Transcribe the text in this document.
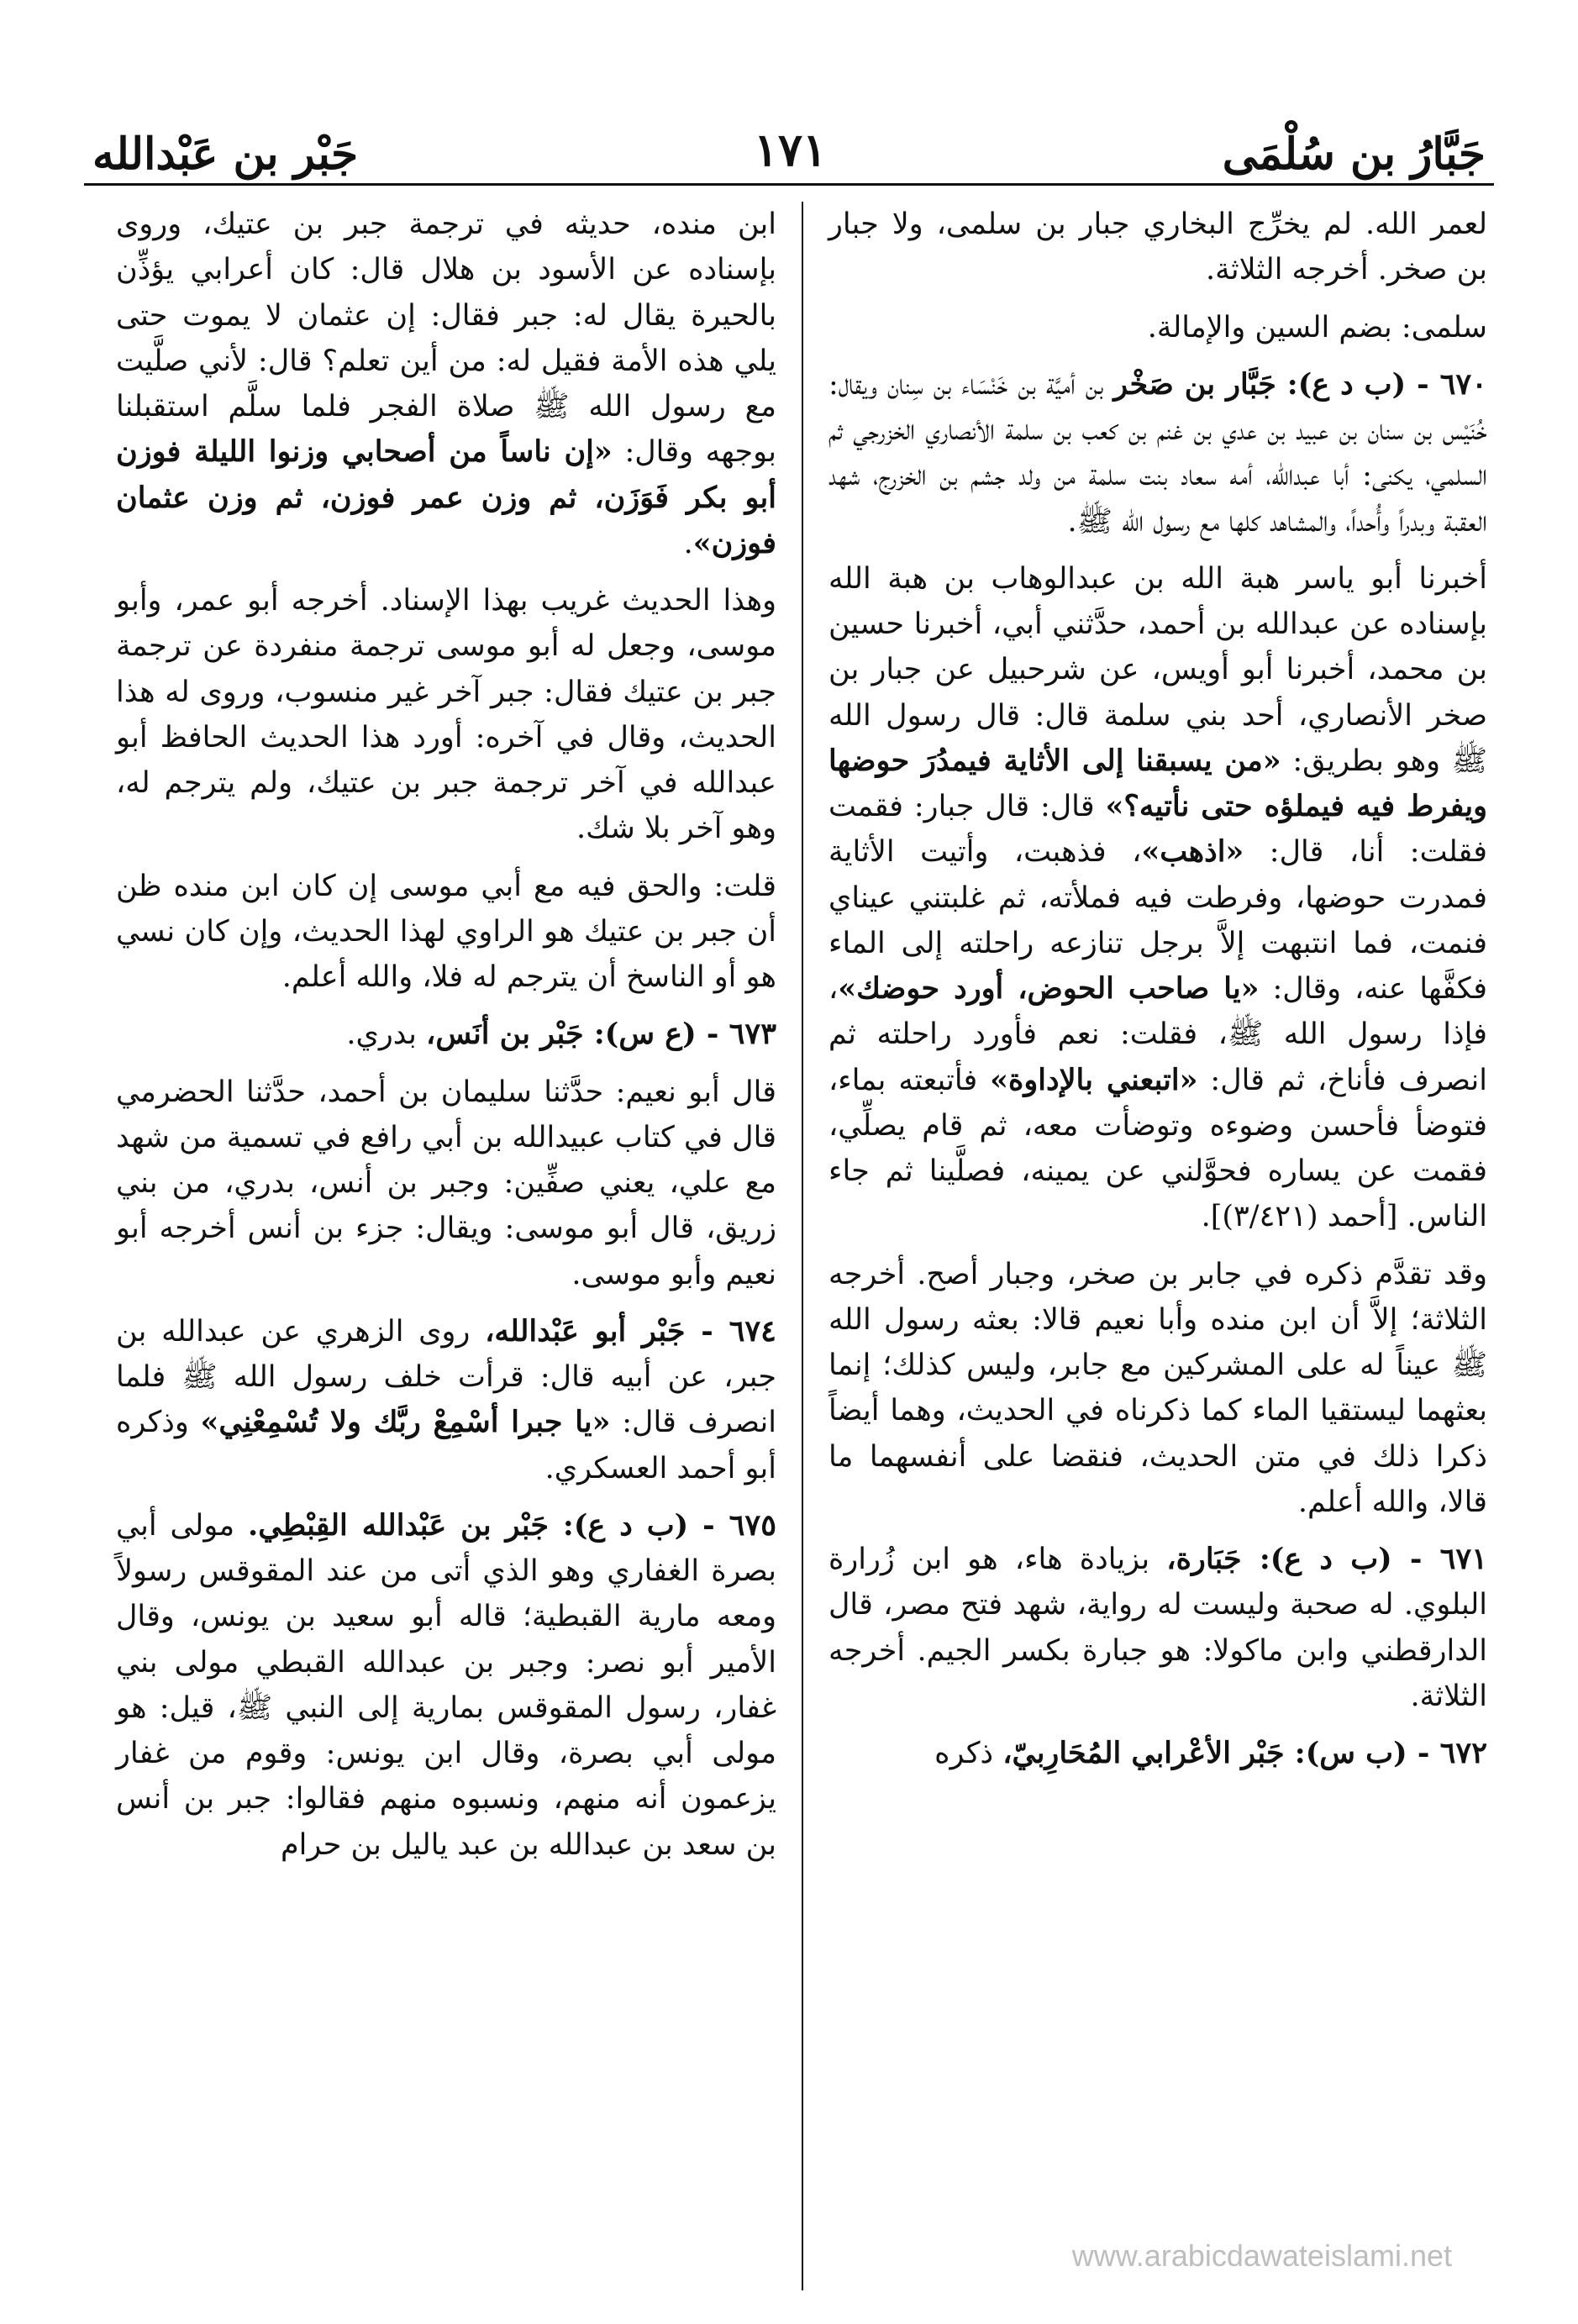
جَبَّارُ بن سُلْمَى
١٧١
جَبْر بن عَبْدالله

لعمر الله. لم يخرِّج البخاري جبار بن سلمى، ولا جبار بن صخر. أخرجه الثلاثة.

سلمى: بضم السين والإمالة.

٦٧٠ - (ب د ع): جَبَّار بن صَخْر بن أميَّة بن خَنْسَاء بن سِنان ويقال: خُنَيْس بن سنان بن عبيد بن عدي بن غنم بن كعب بن سلمة الأنصاري الخزرجي ثم السلمي، يكنى: أبا عبدالله، أمه سعاد بنت سلمة من ولد جشم بن الخزرج، شهد العقبة وبدراً وأُحداً، والمشاهد كلها مع رسول الله ﷺ.

أخبرنا أبو ياسر هبة الله بن عبدالوهاب بن هبة الله بإسناده عن عبدالله بن أحمد، حدَّثني أبي، أخبرنا حسين بن محمد، أخبرنا أبو أويس، عن شرحبيل عن جبار بن صخر الأنصاري، أحد بني سلمة قال: قال رسول الله ﷺ وهو بطريق: «من يسبقنا إلى الأثاية فيمدُرَ حوضها ويفرط فيه فيملؤه حتى نأتيه؟» قال: قال جبار: فقمت فقلت: أنا، قال: «اذهب»، فذهبت، وأتيت الأثاية فمدرت حوضها، وفرطت فيه فملأته، ثم غلبتني عيناي فنمت، فما انتبهت إلاَّ برجل تنازعه راحلته إلى الماء فكفَّها عنه، وقال: «يا صاحب الحوض، أورد حوضك»، فإذا رسول الله ﷺ، فقلت: نعم فأورد راحلته ثم انصرف فأناخ، ثم قال: «اتبعني بالإداوة» فأتبعته بماء، فتوضأ فأحسن وضوءه وتوضأت معه، ثم قام يصلِّي، فقمت عن يساره فحوَّلني عن يمينه، فصلَّينا ثم جاء الناس. [أحمد (٣/٤٢١)].

وقد تقدَّم ذكره في جابر بن صخر، وجبار أصح. أخرجه الثلاثة؛ إلاَّ أن ابن منده وأبا نعيم قالا: بعثه رسول الله ﷺ عيناً له على المشركين مع جابر، وليس كذلك؛ إنما بعثهما ليستقيا الماء كما ذكرناه في الحديث، وهما أيضاً ذكرا ذلك في متن الحديث، فنقضا على أنفسهما ما قالا، والله أعلم.

٦٧١ - (ب د ع): جَبَارة، بزيادة هاء، هو ابن زُرارة البلوي. له صحبة وليست له رواية، شهد فتح مصر، قال الدارقطني وابن ماكولا: هو جبارة بكسر الجيم. أخرجه الثلاثة.

٦٧٢ - (ب س): جَبْر الأعْرابي المُحَارِبيّ، ذكره

ابن منده، حديثه في ترجمة جبر بن عتيك، وروى بإسناده عن الأسود بن هلال قال: كان أعرابي يؤذِّن بالحيرة يقال له: جبر فقال: إن عثمان لا يموت حتى يلي هذه الأمة فقيل له: من أين تعلم؟ قال: لأني صلَّيت مع رسول الله ﷺ صلاة الفجر فلما سلَّم استقبلنا بوجهه وقال: «إن ناساً من أصحابي وزنوا الليلة فوزن أبو بكر فَوَزَن، ثم وزن عمر فوزن، ثم وزن عثمان فوزن».

وهذا الحديث غريب بهذا الإسناد. أخرجه أبو عمر، وأبو موسى، وجعل له أبو موسى ترجمة منفردة عن ترجمة جبر بن عتيك فقال: جبر آخر غير منسوب، وروى له هذا الحديث، وقال في آخره: أورد هذا الحديث الحافظ أبو عبدالله في آخر ترجمة جبر بن عتيك، ولم يترجم له، وهو آخر بلا شك.

قلت: والحق فيه مع أبي موسى إن كان ابن منده ظن أن جبر بن عتيك هو الراوي لهذا الحديث، وإن كان نسي هو أو الناسخ أن يترجم له فلا، والله أعلم.

٦٧٣ - (ع س): جَبْر بن أنَس، بدري.

قال أبو نعيم: حدَّثنا سليمان بن أحمد، حدَّثنا الحضرمي قال في كتاب عبيدالله بن أبي رافع في تسمية من شهد مع علي، يعني صفِّين: وجبر بن أنس، بدري، من بني زريق، قال أبو موسى: ويقال: جزء بن أنس أخرجه أبو نعيم وأبو موسى.

٦٧٤ - جَبْر أبو عَبْدالله، روى الزهري عن عبدالله بن جبر، عن أبيه قال: قرأت خلف رسول الله ﷺ فلما انصرف قال: «يا جبرا أسْمِعْ ربَّك ولا تُسْمِعْنِي» وذكره أبو أحمد العسكري.

٦٧٥ - (ب د ع): جَبْر بن عَبْدالله القِبْطِي. مولى أبي بصرة الغفاري وهو الذي أتى من عند المقوقس رسولاً ومعه مارية القبطية؛ قاله أبو سعيد بن يونس، وقال الأمير أبو نصر: وجبر بن عبدالله القبطي مولى بني غفار، رسول المقوقس بمارية إلى النبي ﷺ، قيل: هو مولى أبي بصرة، وقال ابن يونس: وقوم من غفار يزعمون أنه منهم، ونسبوه منهم فقالوا: جبر بن أنس بن سعد بن عبدالله بن عبد ياليل بن حرام

www.arabicdawateislami.net
